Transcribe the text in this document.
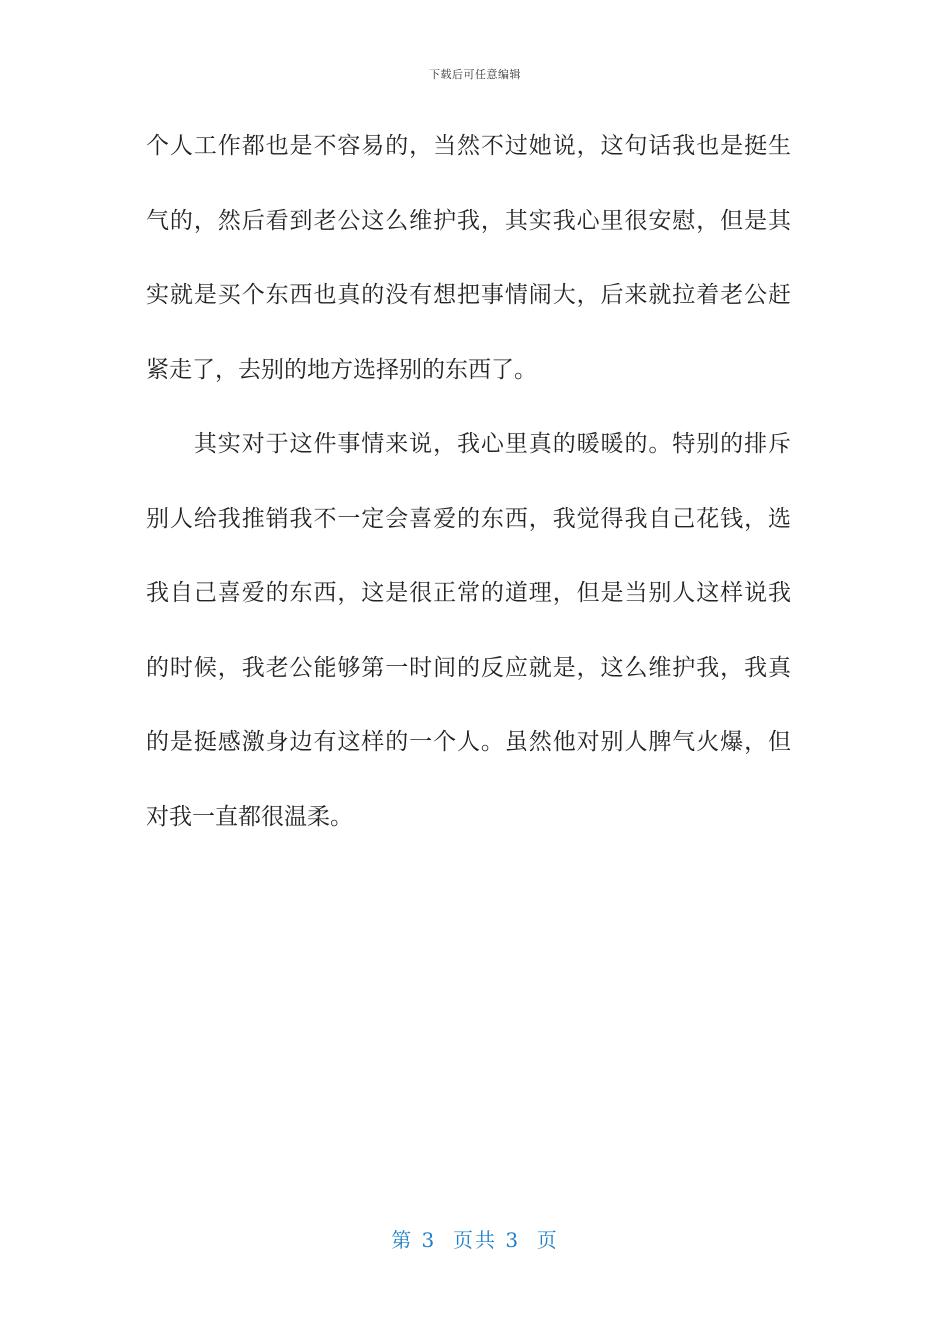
下载后可任意编辑
个人工作都也是不容易的，当然不过她说，这句话我也是挺生
气的，然后看到老公这么维护我，其实我心里很安慰，但是其
实就是买个东西也真的没有想把事情闹大，后来就拉着老公赶
紧走了，去别的地方选择别的东西了。
　　其实对于这件事情来说，我心里真的暖暖的。特别的排斥
别人给我推销我不一定会喜爱的东西，我觉得我自己花钱，选
我自己喜爱的东西，这是很正常的道理，但是当别人这样说我
的时候，我老公能够第一时间的反应就是，这么维护我，我真
的是挺感激身边有这样的一个人。虽然他对别人脾气火爆，但
对我一直都很温柔。
第 3  页共 3  页
